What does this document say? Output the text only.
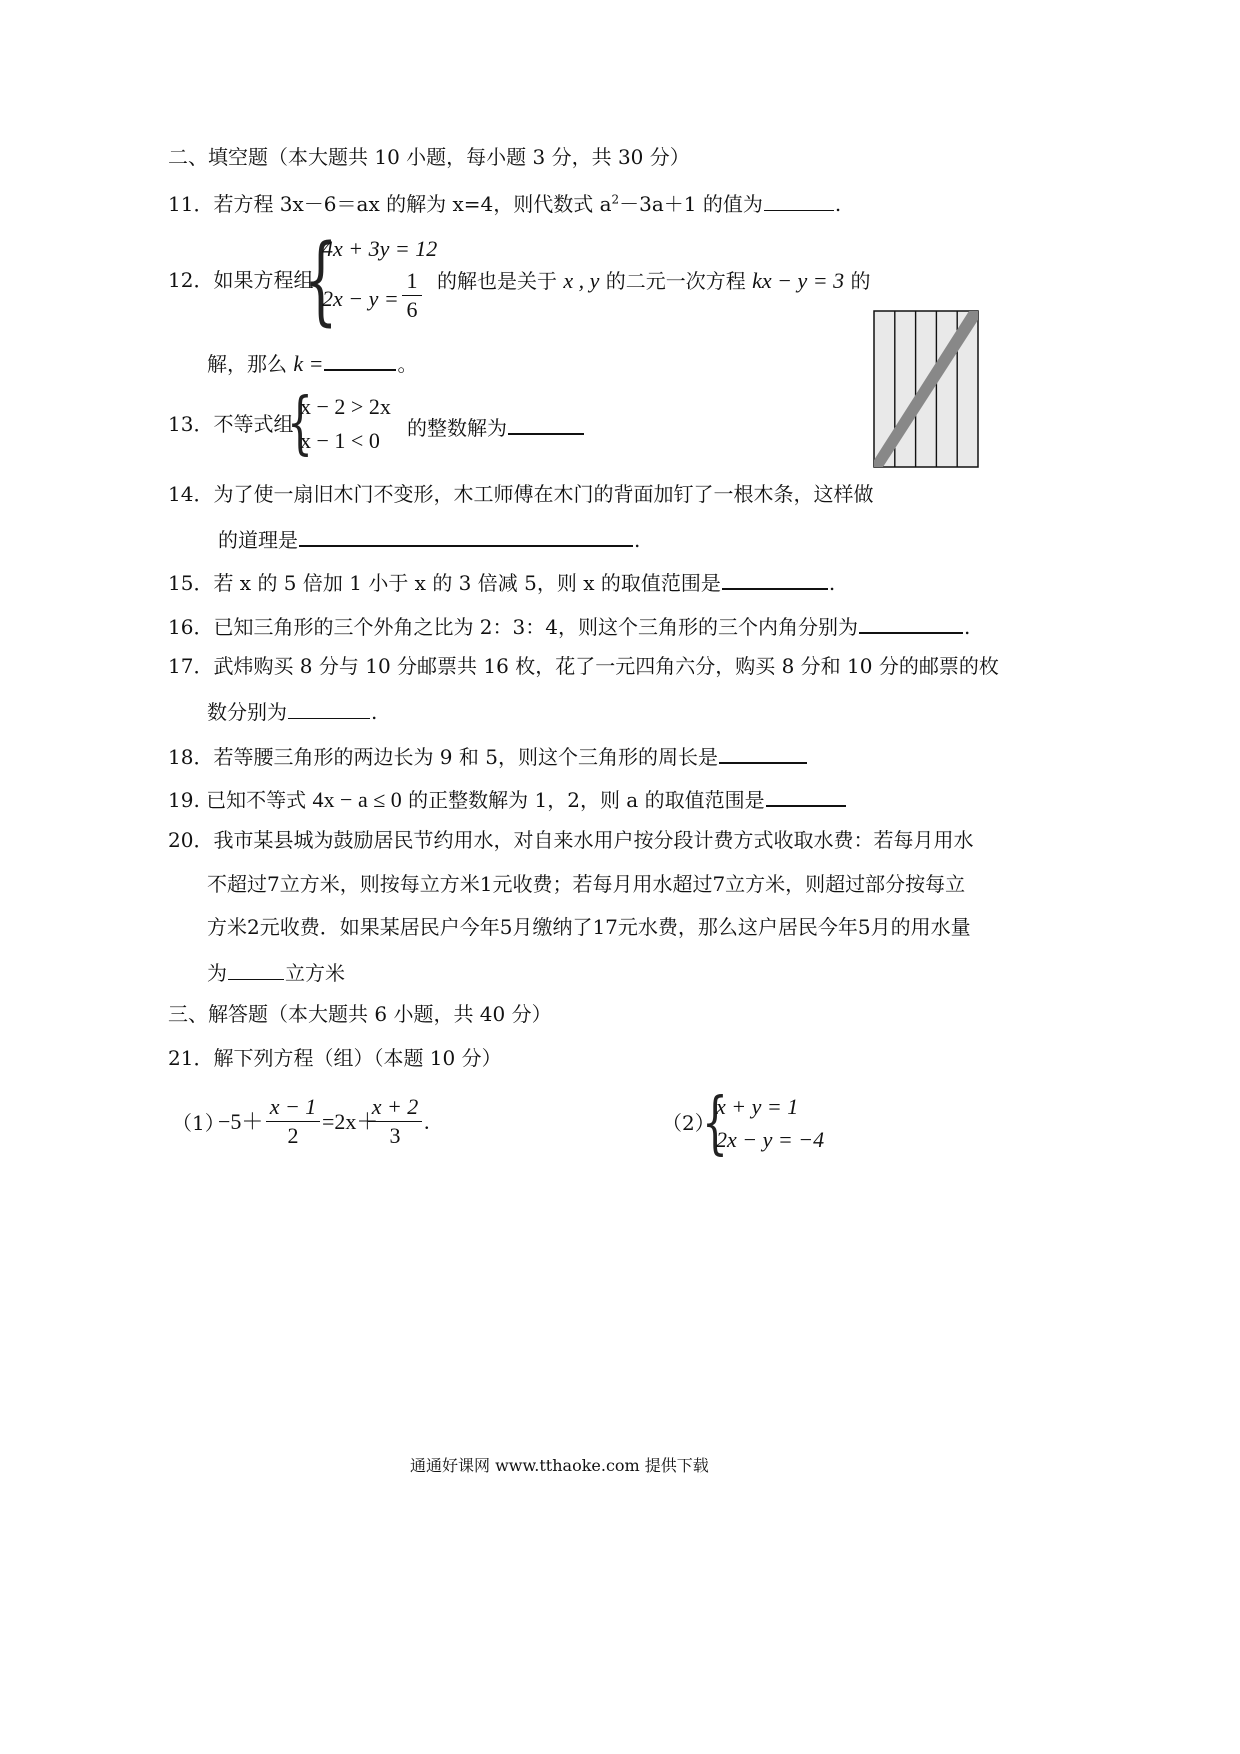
二、填空题（本大题共 10 小题，每小题 3 分，共 30 分）
11．若方程 3x－6＝ax 的解为 x=4，则代数式 $a^2-3a+1$ 的值为	.
12．如果方程组
{
4x + 3y = 12
2x − y =
1
6
的解也是关于 x , y 的二元一次方程 kx − y = 3 的
解，那么 k =	。
13．不等式组
{
x − 2 > 2x
x − 1 < 0 的整数解为
14．为了使一扇旧木门不变形，木工师傅在木门的背面加钉了一根木条，这样做
的道理是	.
15．若 x 的 5 倍加 1 小于 x 的 3 倍减 5，则 x 的取值范围是	.
16．已知三角形的三个外角之比为 2：3：4，则这个三角形的三个内角分别为	.
17．武炜购买 8 分与 10 分邮票共 16 枚，花了一元四角六分，购买 8 分和 10 分的邮票的枚
数分别为	.
18．若等腰三角形的两边长为 9 和 5，则这个三角形的周长是
19. 已知不等式 4x − a ≤ 0 的正整数解为 1，2，则 a 的取值范围是
20．我市某县城为鼓励居民节约用水，对自来水用户按分段计费方式收取水费：若每月用水
不超过7立方米，则按每立方米1元收费；若每月用水超过7立方米，则超过部分按每立
方米2元收费．如果某居民户今年5月缴纳了17元水费，那么这户居民今年5月的用水量
为	立方米
三、解答题（本大题共 6 小题，共 40 分）
21．解下列方程（组）（本题 10 分）
（1）
−5＋
x − 1
2
=2x＋
x + 2
3
.	（2）
{
x + y = 1
2x − y = −4
通通好课网 www.tthaoke.com 提供下载
